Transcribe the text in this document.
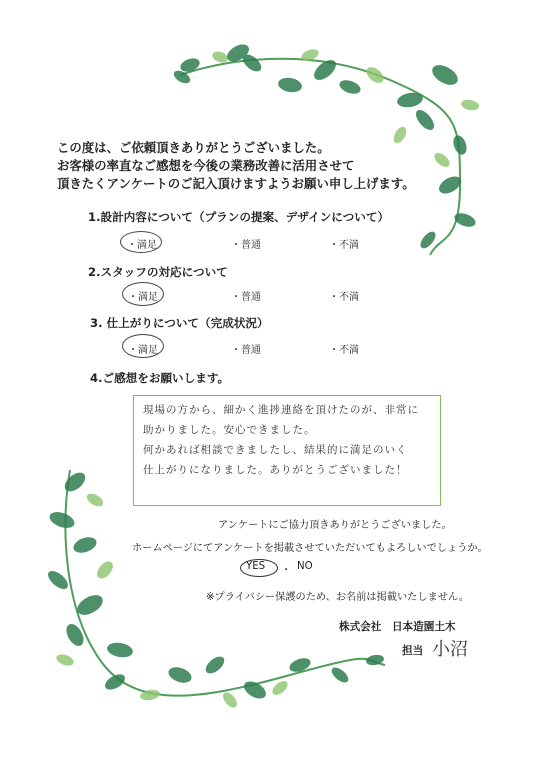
この度は、ご依頼頂きありがとうございました。
お客様の率直なご感想を今後の業務改善に活用させて
頂きたくアンケートのご記入頂けますようお願い申し上げます。
1.設計内容について（プランの提案、デザインについて）
・満足	・普通	・不満
2.スタッフの対応について
・満足	・普通	・不満
3. 仕上がりについて（完成状況）
・満足	・普通	・不満
4.ご感想をお願いします。
現場の方から、細かく進捗連絡を頂けたのが、非常に
助かりました。安心できました。
何かあれば相談できましたし、結果的に満足のいく
仕上がりになりました。ありがとうございました！
アンケートにご協力頂きありがとうございました。
ホームページにてアンケートを掲載させていただいてもよろしいでしょうか。
YES ・ NO
※プライバシー保護のため、お名前は掲載いたしません。
株式会社　日本造園土木
担当 小沼
